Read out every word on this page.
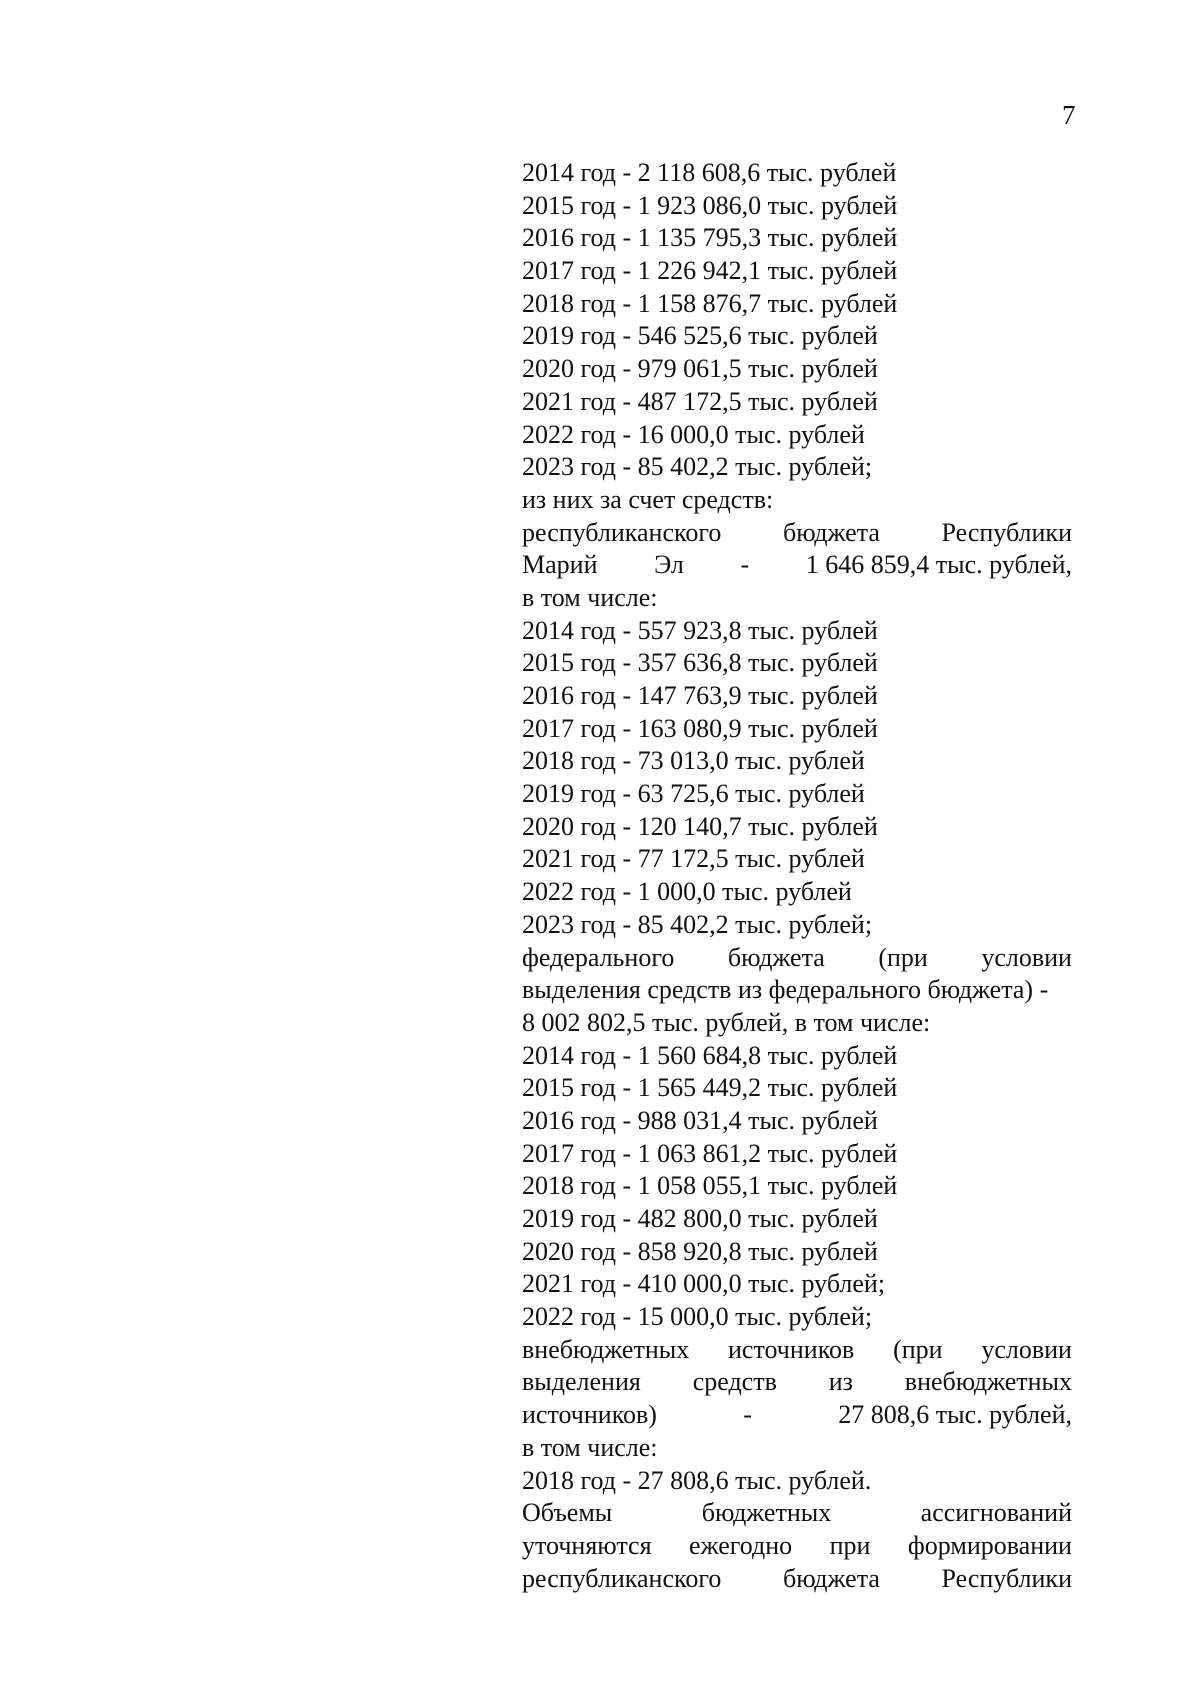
7
2014 год - 2 118 608,6 тыс. рублей
2015 год - 1 923 086,0 тыс. рублей
2016 год - 1 135 795,3 тыс. рублей
2017 год - 1 226 942,1 тыс. рублей
2018 год - 1 158 876,7 тыс. рублей
2019 год - 546 525,6 тыс. рублей
2020 год - 979 061,5 тыс. рублей
2021 год - 487 172,5 тыс. рублей
2022 год - 16 000,0 тыс. рублей
2023 год - 85 402,2 тыс. рублей;
из них за счет средств:
республиканского бюджета Республики
Марий Эл - 1 646 859,4 тыс. рублей,
в том числе:
2014 год - 557 923,8 тыс. рублей
2015 год - 357 636,8 тыс. рублей
2016 год - 147 763,9 тыс. рублей
2017 год - 163 080,9 тыс. рублей
2018 год - 73 013,0 тыс. рублей
2019 год - 63 725,6 тыс. рублей
2020 год - 120 140,7 тыс. рублей
2021 год - 77 172,5 тыс. рублей
2022 год - 1 000,0 тыс. рублей
2023 год - 85 402,2 тыс. рублей;
федерального бюджета (при условии
выделения средств из федерального бюджета) -
8 002 802,5 тыс. рублей, в том числе:
2014 год - 1 560 684,8 тыс. рублей
2015 год - 1 565 449,2 тыс. рублей
2016 год - 988 031,4 тыс. рублей
2017 год - 1 063 861,2 тыс. рублей
2018 год - 1 058 055,1 тыс. рублей
2019 год - 482 800,0 тыс. рублей
2020 год - 858 920,8 тыс. рублей
2021 год - 410 000,0 тыс. рублей;
2022 год - 15 000,0 тыс. рублей;
внебюджетных источников (при условии
выделения средств из внебюджетных
источников)	-	27 808,6 тыс. рублей,
в том числе:
2018 год - 27 808,6 тыс. рублей.
Объемы	бюджетных	ассигнований
уточняются ежегодно при формировании
республиканского бюджета Республики
